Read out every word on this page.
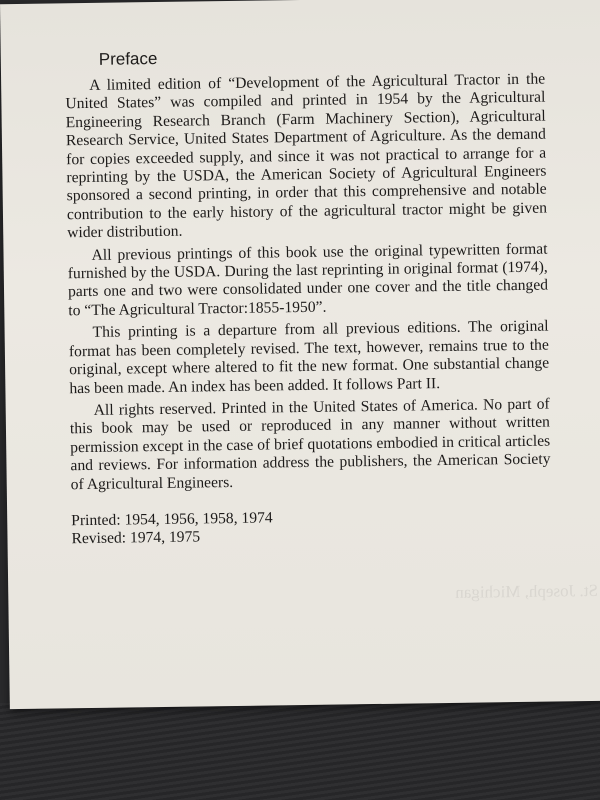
St. Joseph, Michigan
Preface

A limited edition of “Development of the Agricultural Tractor in the United States” was compiled and printed in 1954 by the Agricultural Engineering Research Branch (Farm Machinery Section), Agricultural Research Service, United States Department of Agriculture. As the demand for copies exceeded supply, and since it was not practical to arrange for a reprinting by the USDA, the American Society of Agricultural Engineers sponsored a second printing, in order that this comprehensive and notable contribution to the early history of the agricultural tractor might be given wider distribution.

All previous printings of this book use the original typewritten format furnished by the USDA. During the last reprinting in original format (1974), parts one and two were consolidated under one cover and the title changed to “The Agricultural Tractor:1855-1950”.

This printing is a departure from all previous editions. The original format has been completely revised. The text, however, remains true to the original, except where altered to fit the new format. One substantial change has been made. An index has been added. It follows Part II.

All rights reserved. Printed in the United States of America. No part of this book may be used or reproduced in any manner without written permission except in the case of brief quotations embodied in critical articles and reviews. For information address the publishers, the American Society of Agricultural Engineers.

Printed: 1954, 1956, 1958, 1974
Revised: 1974, 1975
